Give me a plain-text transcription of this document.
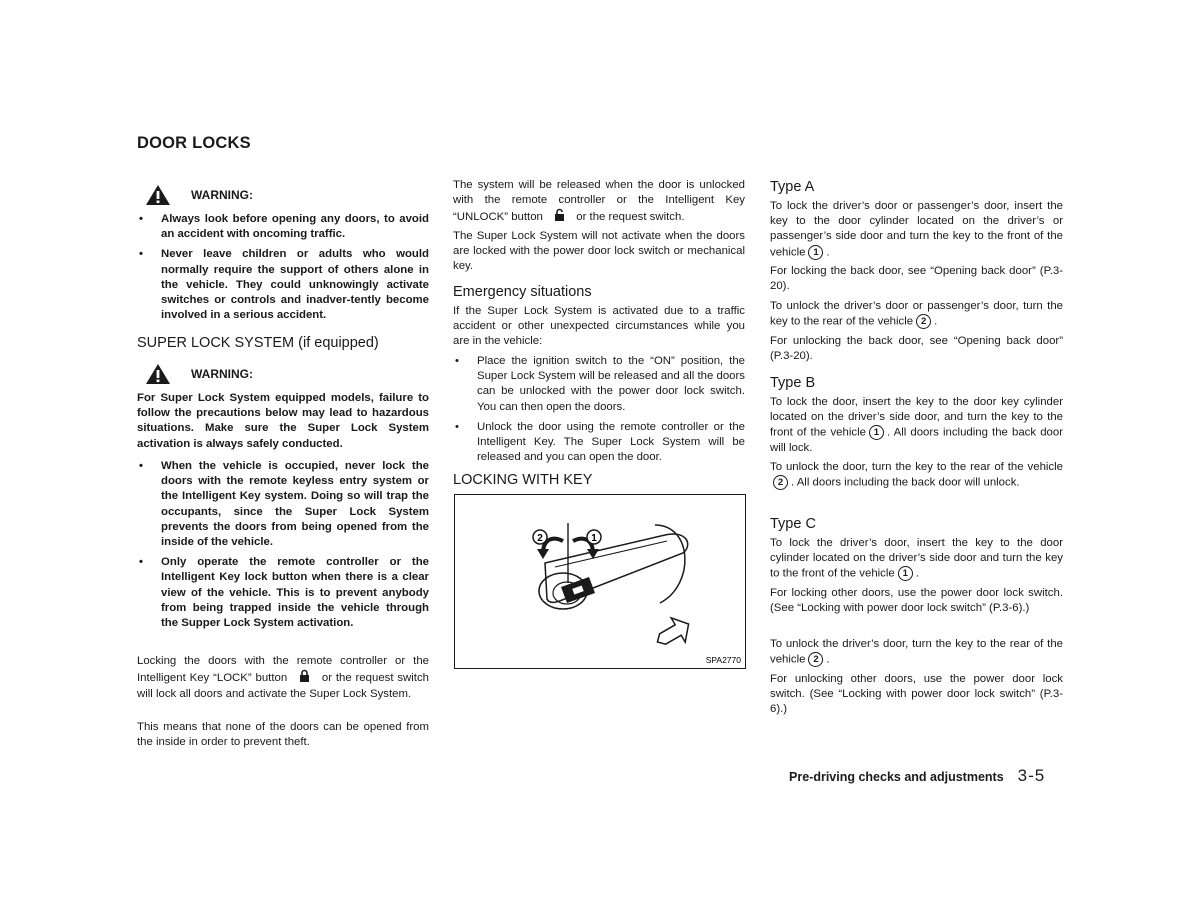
DOOR LOCKS
WARNING:
• Always look before opening any doors, to avoid an accident with oncoming traffic.

• Never leave children or adults who would normally require the support of others alone in the vehicle. They could unknowingly activate switches or controls and inadver-tently become involved in a serious accident.

SUPER LOCK SYSTEM (if equipped)
WARNING:

For Super Lock System equipped models, failure to follow the precautions below may lead to hazardous situations. Make sure the Super Lock System activation is always safely conducted.

• When the vehicle is occupied, never lock the doors with the remote keyless entry system or the Intelligent Key system. Doing so will trap the occupants, since the Super Lock System prevents the doors from being opened from the inside of the vehicle.

• Only operate the remote controller or the Intelligent Key lock button when there is a clear view of the vehicle. This is to prevent anybody from being trapped inside the vehicle through the Supper Lock System activation.

Locking the doors with the remote controller or the Intelligent Key “LOCK” button	or the request switch will lock all doors and activate the Super Lock System.

This means that none of the doors can be opened from the inside in order to prevent theft.

The system will be released when the door is unlocked with the remote controller or the Intelligent Key “UNLOCK” button	or the request switch.

The Super Lock System will not activate when the doors are locked with the power door lock switch or mechanical key.

Emergency situations

If the Super Lock System is activated due to a traffic accident or other unexpected circumstances while you are in the vehicle:

• Place the ignition switch to the “ON” position, the Super Lock System will be released and all the doors can be unlocked with the power door lock switch. You can then open the doors.

• Unlock the door using the remote controller or the Intelligent Key. The Super Lock System will be released and you can open the door.

LOCKING WITH KEY
2	1
SPA2770
Type A

To lock the driver’s door or passenger’s door, insert the key to the door cylinder located on the driver’s or passenger’s side door and turn the key to the front of the vehicle 1 .

For locking the back door, see “Opening back door” (P.3-20).

To unlock the driver’s door or passenger’s door, turn the key to the rear of the vehicle 2 .

For unlocking the back door, see “Opening back door” (P.3-20).

Type B

To lock the door, insert the key to the door key cylinder located on the driver’s side door, and turn the key to the front of the vehicle 1 . All doors including the back door will lock.

To unlock the door, turn the key to the rear of the vehicle2 . All doors including the back door will unlock.

Type C

To lock the driver’s door, insert the key to the door cylinder located on the driver’s side door and turn the key to the front of the vehicle 1 .

For locking other doors, use the power door lock switch. (See “Locking with power door lock switch” (P.3-6).)

To unlock the driver’s door, turn the key to the rear of the vehicle 2 .

For unlocking other doors, use the power door lock switch. (See “Locking with power door lock switch” (P.3-6).)

Pre-driving checks and adjustments 3-5
